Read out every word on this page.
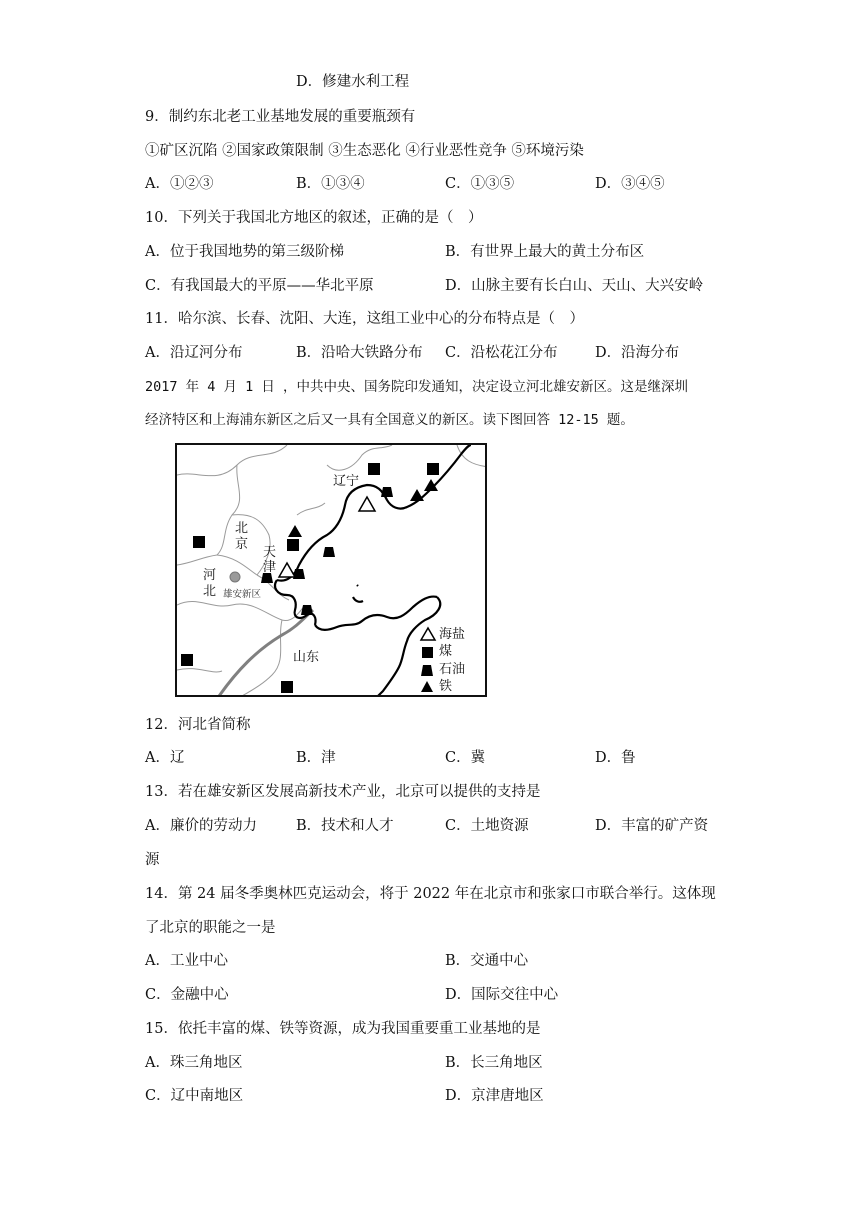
D．修建水利工程
9．制约东北老工业基地发展的重要瓶颈有
①矿区沉陷 ②国家政策限制 ③生态恶化 ④行业恶性竞争 ⑤环境污染
A．①②③	B．①③④	C．①③⑤	D．③④⑤
10．下列关于我国北方地区的叙述，正确的是（　）
A．位于我国地势的第三级阶梯	B．有世界上最大的黄土分布区
C．有我国最大的平原——华北平原	D．山脉主要有长白山、天山、大兴安岭
11．哈尔滨、长春、沈阳、大连，这组工业中心的分布特点是（　）
A．沿辽河分布	B．沿哈大铁路分布 C．沿松花江分布	D．沿海分布
2017 年 4 月 1 日 ，中共中央、国务院印发通知，决定设立河北雄安新区。这是继深圳
经济特区和上海浦东新区之后又一具有全国意义的新区。读下图回答 12-15 题。
辽宁
北
京
天
津
河
北 雄安新区
山东
海盐
煤
石油
铁
12．河北省简称
A．辽	B．津	C．冀	D．鲁
13．若在雄安新区发展高新技术产业，北京可以提供的支持是
A．廉价的劳动力	B．技术和人才	C．土地资源	D．丰富的矿产资
源
14．第 24 届冬季奥林匹克运动会，将于 2022 年在北京市和张家口市联合举行。这体现
了北京的职能之一是
A．工业中心	B．交通中心
C．金融中心	D．国际交往中心
15．依托丰富的煤、铁等资源，成为我国重要重工业基地的是
A．珠三角地区	B．长三角地区
C．辽中南地区	D．京津唐地区
